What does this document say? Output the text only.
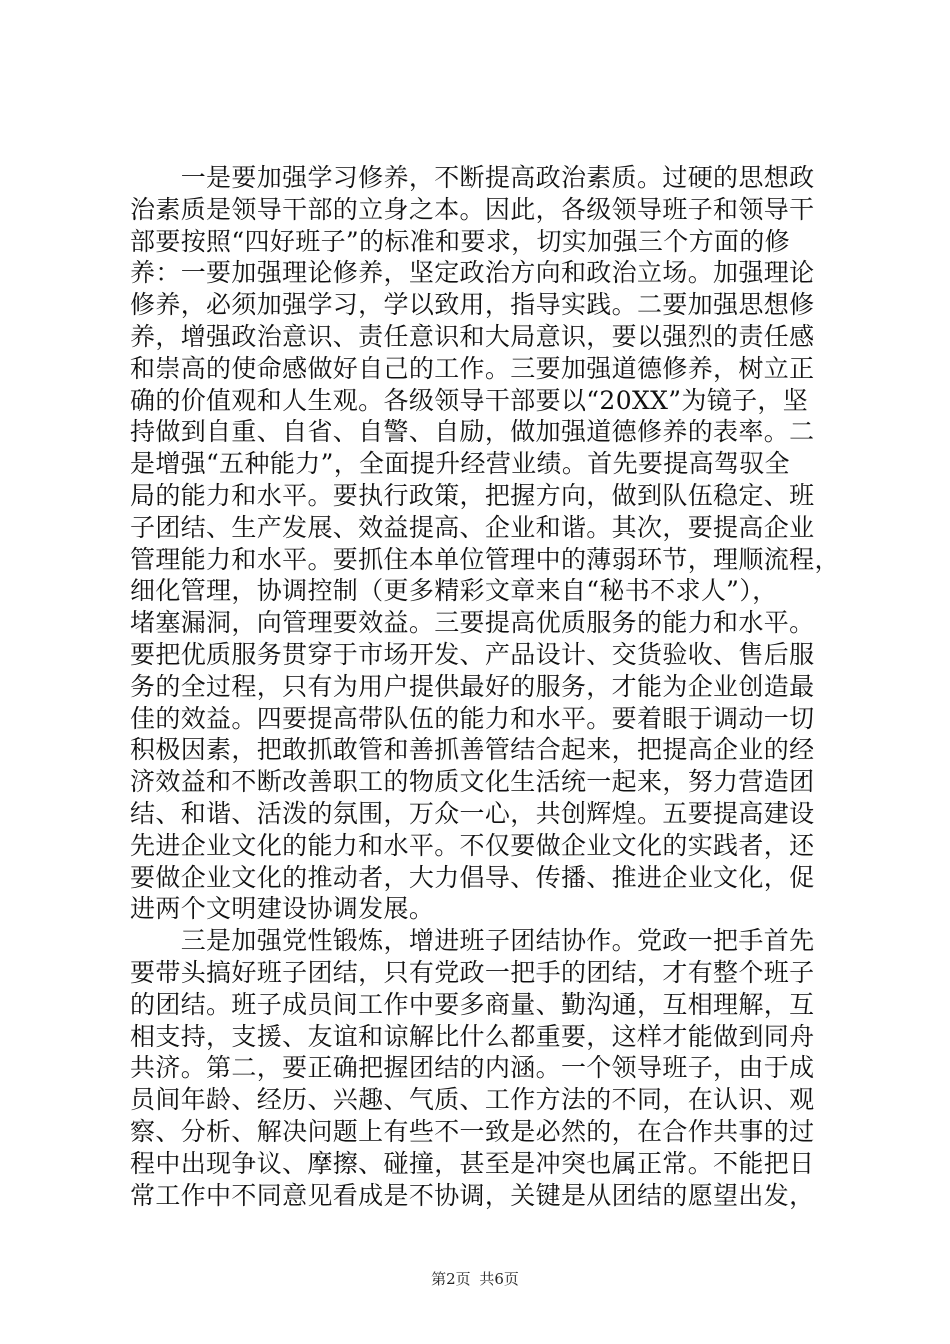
　　一是要加强学习修养，不断提高政治素质。过硬的思想政
治素质是领导干部的立身之本。因此，各级领导班子和领导干
部要按照“四好班子”的标准和要求，切实加强三个方面的修
养：一要加强理论修养，坚定政治方向和政治立场。加强理论
修养，必须加强学习，学以致用，指导实践。二要加强思想修
养，增强政治意识、责任意识和大局意识，要以强烈的责任感
和崇高的使命感做好自己的工作。三要加强道德修养，树立正
确的价值观和人生观。各级领导干部要以“20XX”为镜子，坚
持做到自重、自省、自警、自励，做加强道德修养的表率。二
是增强“五种能力”，全面提升经营业绩。首先要提高驾驭全
局的能力和水平。要执行政策，把握方向，做到队伍稳定、班
子团结、生产发展、效益提高、企业和谐。其次，要提高企业
管理能力和水平。要抓住本单位管理中的薄弱环节，理顺流程，
细化管理，协调控制（更多精彩文章来自“秘书不求人”），
堵塞漏洞，向管理要效益。三要提高优质服务的能力和水平。
要把优质服务贯穿于市场开发、产品设计、交货验收、售后服
务的全过程，只有为用户提供最好的服务，才能为企业创造最
佳的效益。四要提高带队伍的能力和水平。要着眼于调动一切
积极因素，把敢抓敢管和善抓善管结合起来，把提高企业的经
济效益和不断改善职工的物质文化生活统一起来，努力营造团
结、和谐、活泼的氛围，万众一心，共创辉煌。五要提高建设
先进企业文化的能力和水平。不仅要做企业文化的实践者，还
要做企业文化的推动者，大力倡导、传播、推进企业文化，促
进两个文明建设协调发展。
　　三是加强党性锻炼，增进班子团结协作。党政一把手首先
要带头搞好班子团结，只有党政一把手的团结，才有整个班子
的团结。班子成员间工作中要多商量、勤沟通，互相理解，互
相支持，支援、友谊和谅解比什么都重要，这样才能做到同舟
共济。第二，要正确把握团结的内涵。一个领导班子，由于成
员间年龄、经历、兴趣、气质、工作方法的不同，在认识、观
察、分析、解决问题上有些不一致是必然的，在合作共事的过
程中出现争议、摩擦、碰撞，甚至是冲突也属正常。不能把日
常工作中不同意见看成是不协调，关键是从团结的愿望出发，
第2页 共6页
